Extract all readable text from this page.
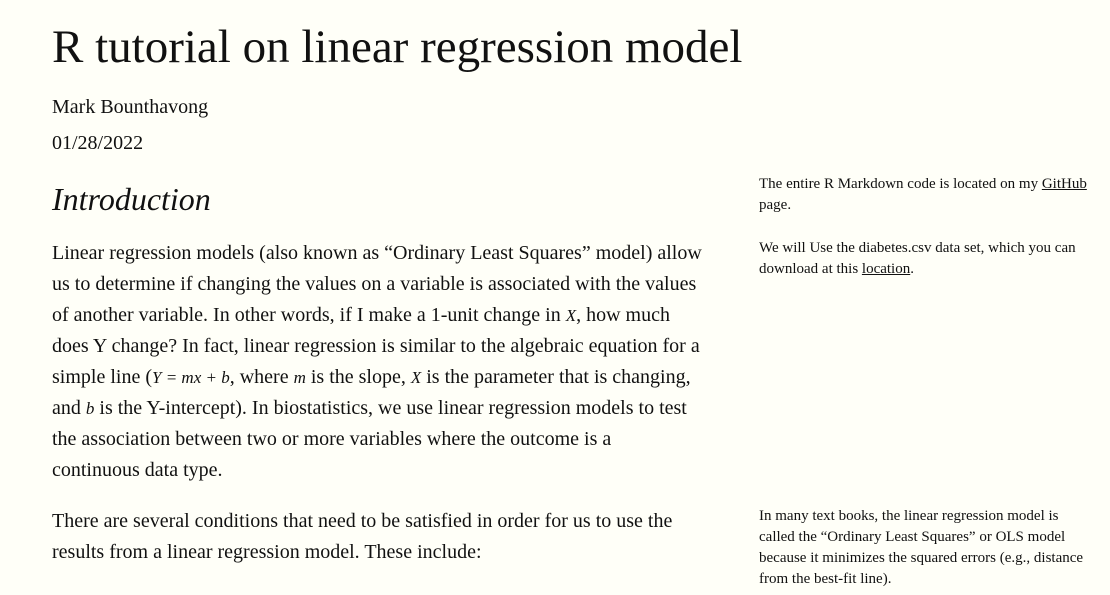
R tutorial on linear regression model
Mark Bounthavong
01/28/2022
Introduction

Linear regression models (also known as “Ordinary Least Squares” model) allow us to determine if changing the values on a variable is associated with the values of another variable. In other words, if I make a 1-unit change in X, how much does Y change? In fact, linear regression is similar to the algebraic equation for a simple line (Y = mx + b, where m is the slope, X is the parameter that is changing, and b is the Y-intercept). In biostatistics, we use linear regression models to test the association between two or more variables where the outcome is a continuous data type.

There are several conditions that need to be satisfied in order for us to use the results from a linear regression model. These include:

The entire R Markdown code is located on my GitHub page.

We will Use the diabetes.csv data set, which you can download at this location.

In many text books, the linear regression model is called the “Ordinary Least Squares” or OLS model because it minimizes the squared errors (e.g., distance from the best-fit line).
